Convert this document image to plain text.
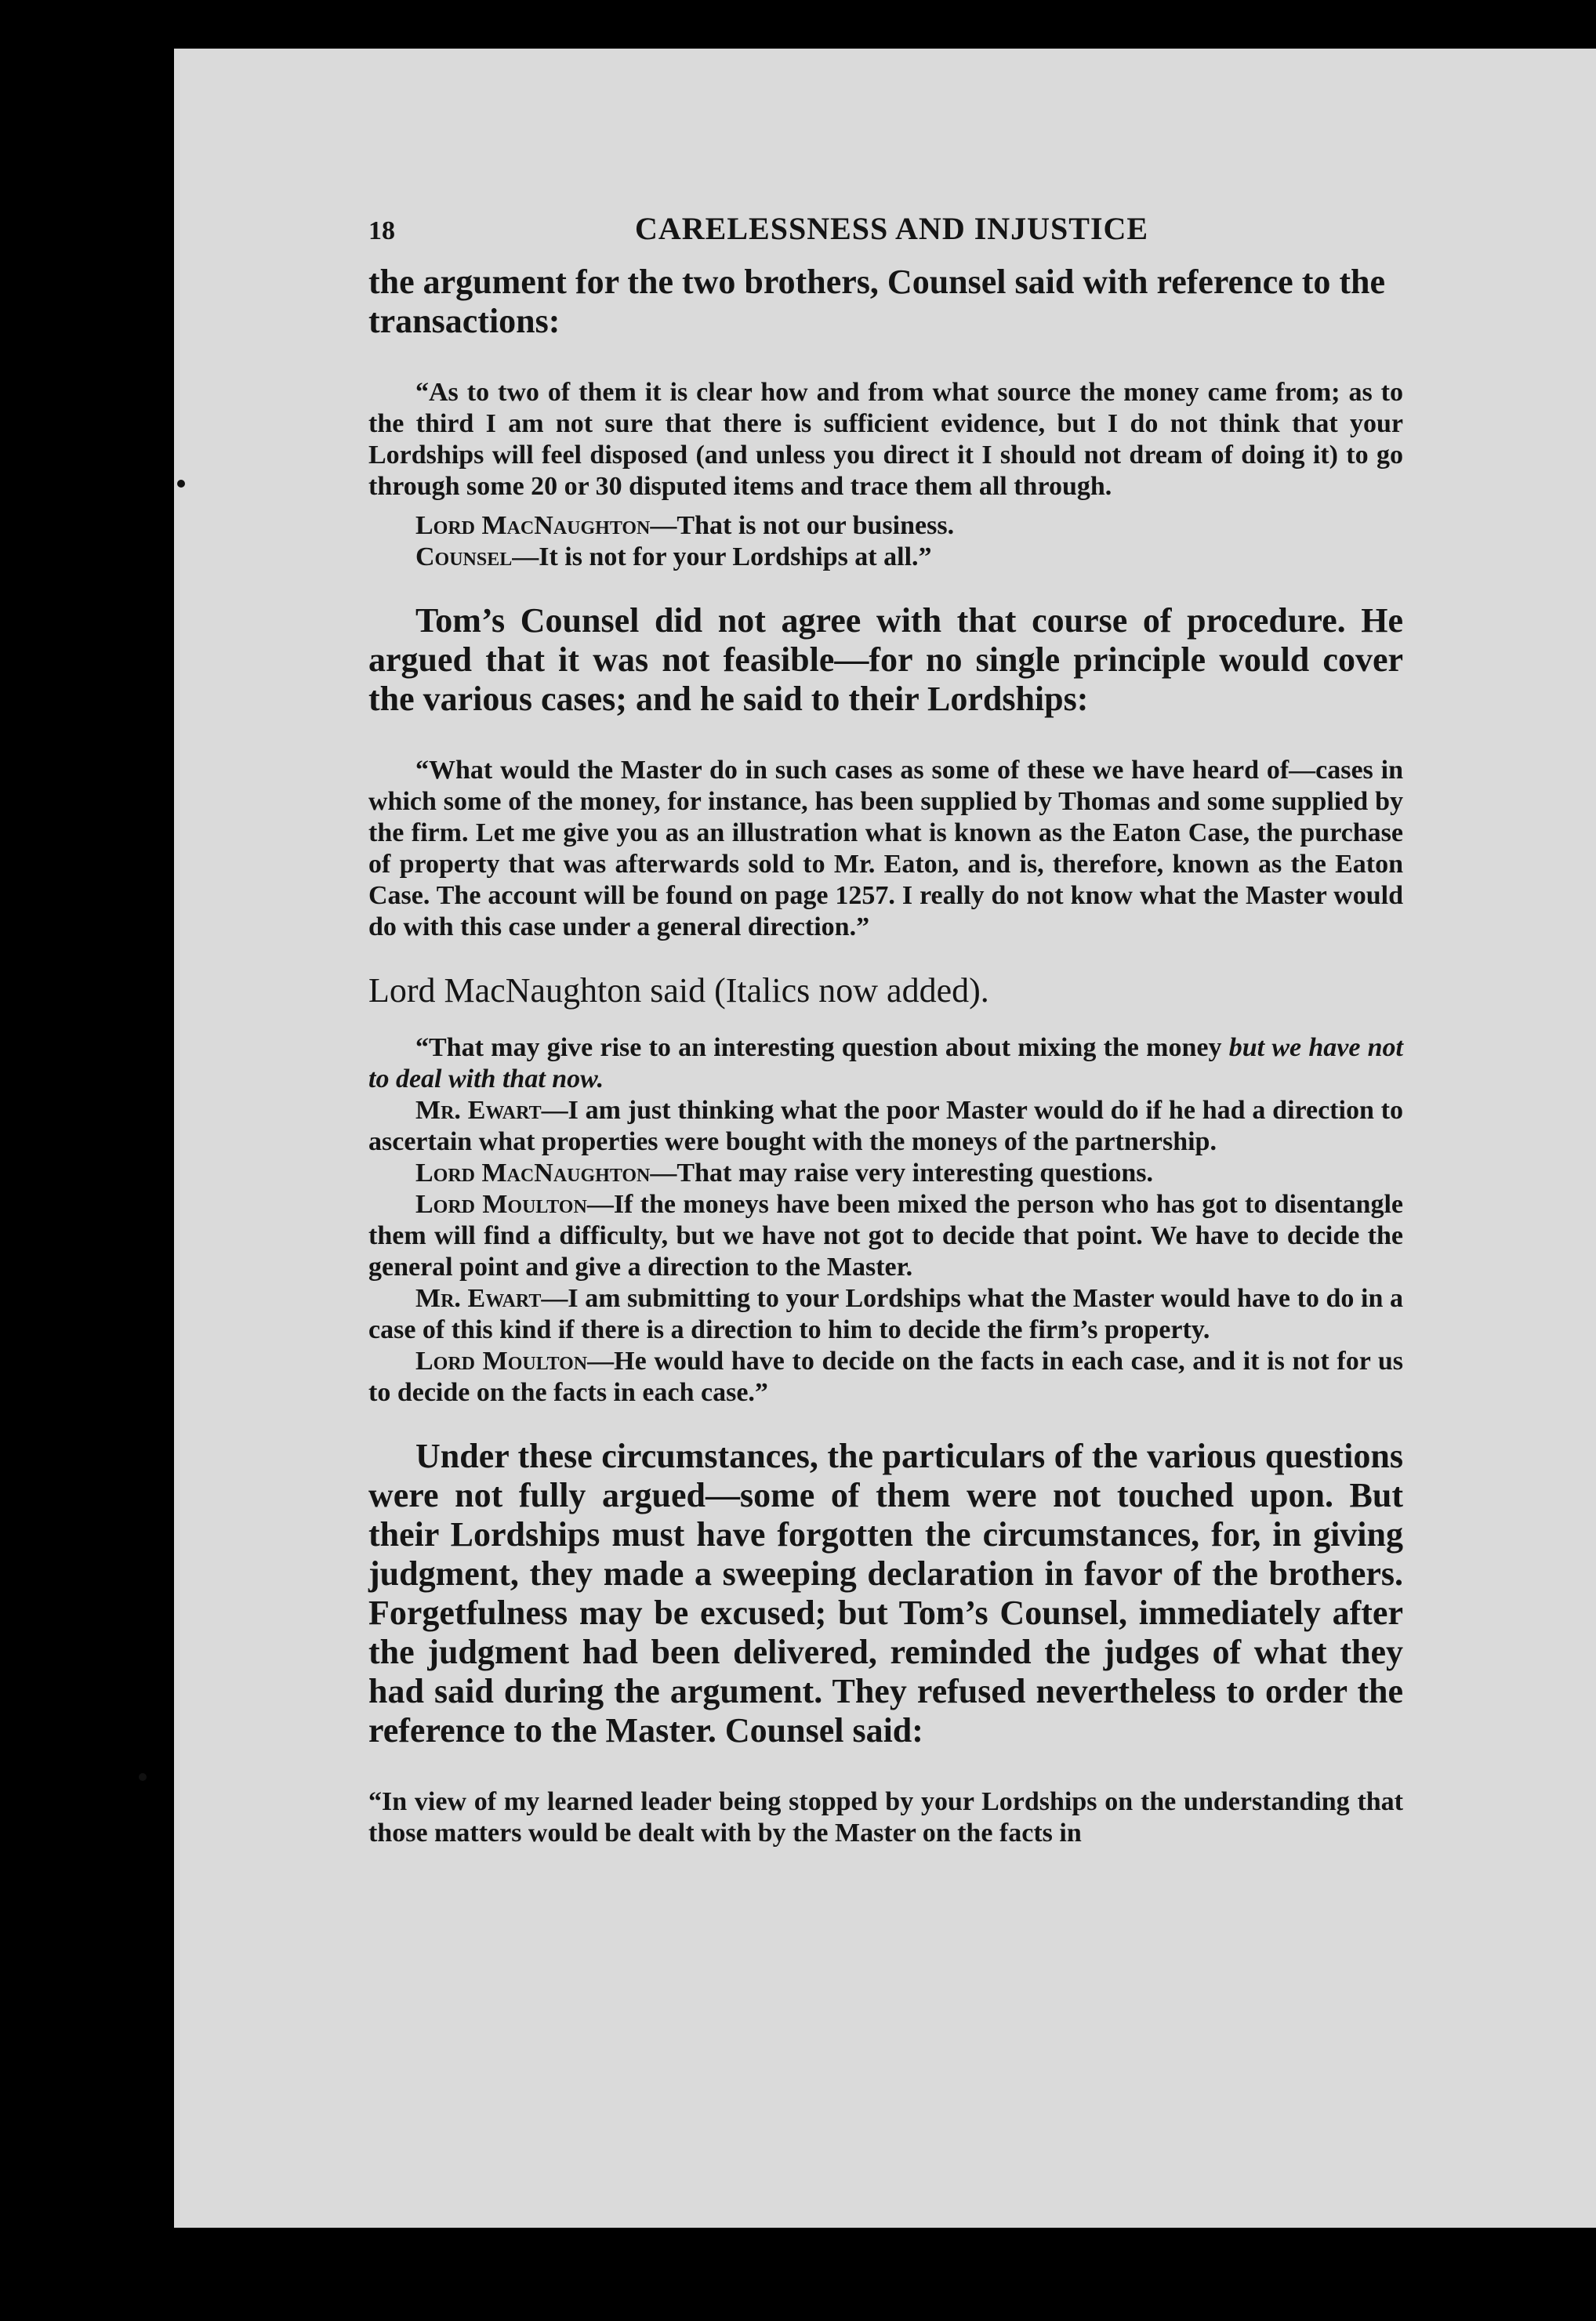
18	CARELESSNESS AND INJUSTICE

the argument for the two brothers, Counsel said with reference to the transactions:

“As to two of them it is clear how and from what source the money came from; as to the third I am not sure that there is sufficient evidence, but I do not think that your Lordships will feel disposed (and unless you direct it I should not dream of doing it) to go through some 20 or 30 disputed items and trace them all through.

Lord MacNaughton—That is not our business.

Counsel—It is not for your Lordships at all.”

Tom’s Counsel did not agree with that course of procedure. He argued that it was not feasible—for no single principle would cover the various cases; and he said to their Lordships:

“What would the Master do in such cases as some of these we have heard of—cases in which some of the money, for instance, has been supplied by Thomas and some supplied by the firm. Let me give you as an illustration what is known as the Eaton Case, the purchase of property that was afterwards sold to Mr. Eaton, and is, therefore, known as the Eaton Case. The account will be found on page 1257. I really do not know what the Master would do with this case under a general direction.”

Lord MacNaughton said (Italics now added).

“That may give rise to an interesting question about mixing the money but we have not to deal with that now.

Mr. Ewart—I am just thinking what the poor Master would do if he had a direction to ascertain what properties were bought with the moneys of the partnership.

Lord MacNaughton—That may raise very interesting questions.

Lord Moulton—If the moneys have been mixed the person who has got to disentangle them will find a difficulty, but we have not got to decide that point. We have to decide the general point and give a direction to the Master.

Mr. Ewart—I am submitting to your Lordships what the Master would have to do in a case of this kind if there is a direction to him to decide the firm’s property.

Lord Moulton—He would have to decide on the facts in each case, and it is not for us to decide on the facts in each case.”

Under these circumstances, the particulars of the various questions were not fully argued—some of them were not touched upon. But their Lordships must have forgotten the circumstances, for, in giving judgment, they made a sweeping declaration in favor of the brothers. Forgetfulness may be excused; but Tom’s Counsel, immediately after the judgment had been delivered, reminded the judges of what they had said during the argument. They refused nevertheless to order the reference to the Master. Counsel said:

“In view of my learned leader being stopped by your Lordships on the understanding that those matters would be dealt with by the Master on the facts in
